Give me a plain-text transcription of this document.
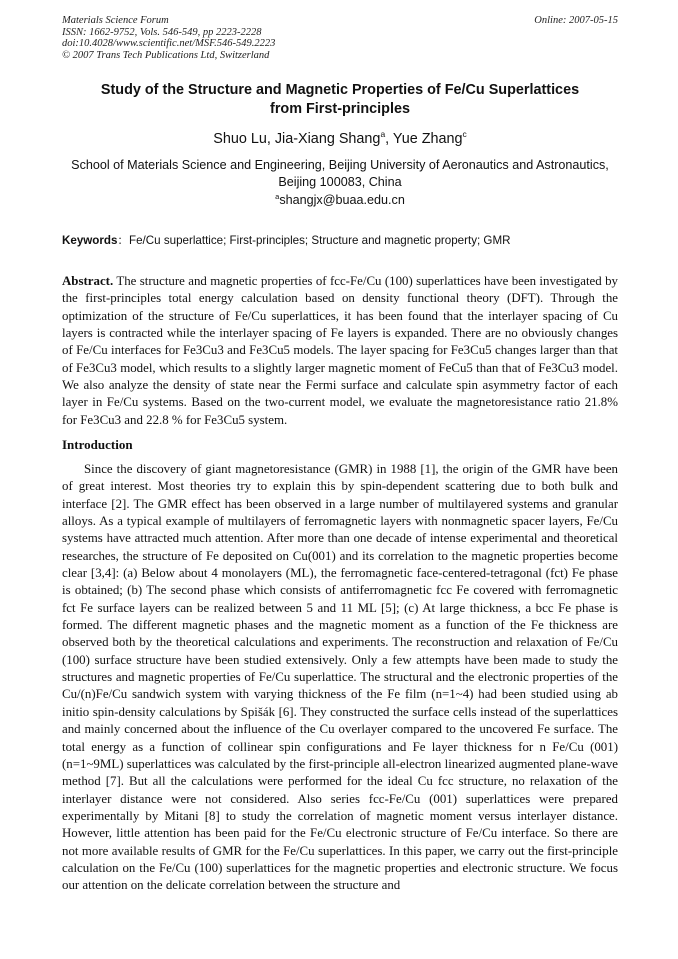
Materials Science Forum
ISSN: 1662-9752, Vols. 546-549, pp 2223-2228
doi:10.4028/www.scientific.net/MSF.546-549.2223
© 2007 Trans Tech Publications Ltd, Switzerland
Online: 2007-05-15
Study of the Structure and Magnetic Properties of Fe/Cu Superlattices
from First-principles
Shuo Lu, Jia-Xiang Shang$^a$, Yue Zhang$^c$
School of Materials Science and Engineering, Beijing University of Aeronautics and Astronautics,
Beijing 100083, China
$^a$shangjx@buaa.edu.cn
Keywords：Fe/Cu superlattice; First-principles; Structure and magnetic property; GMR
Abstract. The structure and magnetic properties of fcc-Fe/Cu (100) superlattices have been investigated by the first-principles total energy calculation based on density functional theory (DFT). Through the optimization of the structure of Fe/Cu superlattices, it has been found that the interlayer spacing of Cu layers is contracted while the interlayer spacing of Fe layers is expanded. There are no obviously changes of Fe/Cu interfaces for Fe3Cu3 and Fe3Cu5 models. The layer spacing for Fe3Cu5 changes larger than that of Fe3Cu3 model, which results to a slightly larger magnetic moment of FeCu5 than that of Fe3Cu3 model. We also analyze the density of state near the Fermi surface and calculate spin asymmetry factor of each layer in Fe/Cu systems. Based on the two-current model, we evaluate the magnetoresistance ratio 21.8% for Fe3Cu3 and 22.8 % for Fe3Cu5 system.
Introduction
Since the discovery of giant magnetoresistance (GMR) in 1988 [1], the origin of the GMR have been of great interest. Most theories try to explain this by spin-dependent scattering due to both bulk and interface [2]. The GMR effect has been observed in a large number of multilayered systems and granular alloys. As a typical example of multilayers of ferromagnetic layers with nonmagnetic spacer layers, Fe/Cu systems have attracted much attention. After more than one decade of intense experimental and theoretical researches, the structure of Fe deposited on Cu(001) and its correlation to the magnetic properties become clear [3,4]: (a) Below about 4 monolayers (ML), the ferromagnetic face-centered-tetragonal (fct) Fe phase is obtained; (b) The second phase which consists of antiferromagnetic fcc Fe covered with ferromagnetic fct Fe surface layers can be realized between 5 and 11 ML [5]; (c) At large thickness, a bcc Fe phase is formed. The different magnetic phases and the magnetic moment as a function of the Fe thickness are observed both by the theoretical calculations and experiments. The reconstruction and relaxation of Fe/Cu (100) surface structure have been studied extensively. Only a few attempts have been made to study the structures and magnetic properties of Fe/Cu superlattice. The structural and the electronic properties of the Cu/(n)Fe/Cu sandwich system with varying thickness of the Fe film (n=1~4) had been studied using ab initio spin-density calculations by Spišák [6]. They constructed the surface cells instead of the superlattices and mainly concerned about the influence of the Cu overlayer compared to the uncovered Fe surface. The total energy as a function of collinear spin configurations and Fe layer thickness for n Fe/Cu (001) (n=1~9ML) superlattices was calculated by the first-principle all-electron linearized augmented plane-wave method [7]. But all the calculations were performed for the ideal Cu fcc structure, no relaxation of the interlayer distance were not considered. Also series fcc-Fe/Cu (001) superlattices were prepared experimentally by Mitani [8] to study the correlation of magnetic moment versus interlayer distance. However, little attention has been paid for the Fe/Cu electronic structure of Fe/Cu interface. So there are not more available results of GMR for the Fe/Cu superlattices. In this paper, we carry out the first-principle calculation on the Fe/Cu (100) superlattices for the magnetic properties and electronic structure. We focus our attention on the delicate correlation between the structure and
